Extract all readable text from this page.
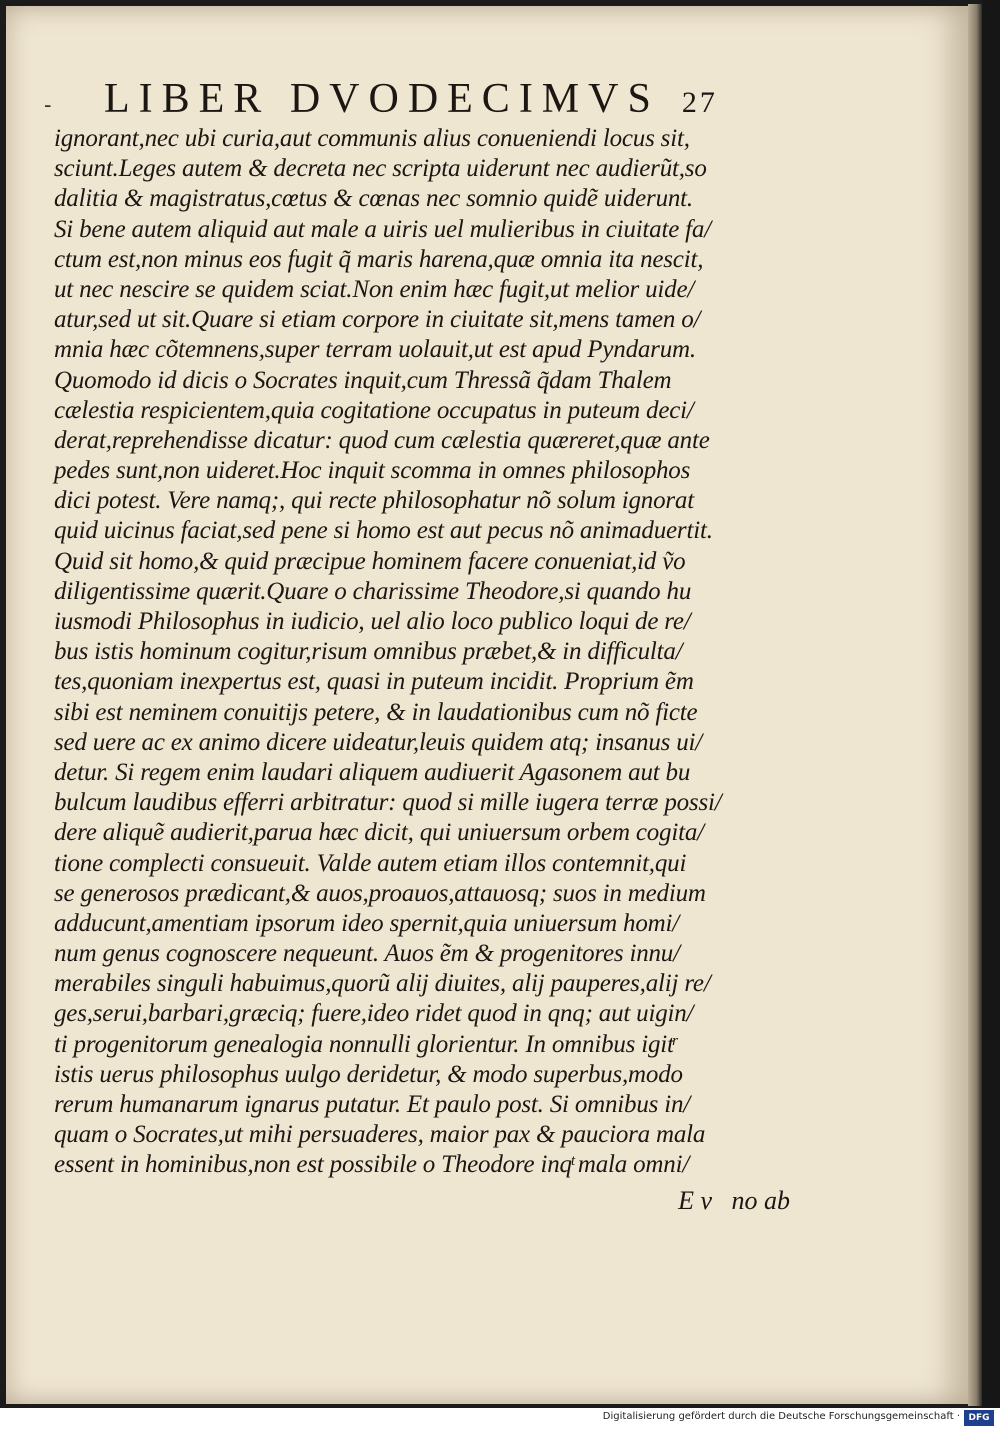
-	LIBER DVODECIMVS 27
ignorant,nec ubi curia,aut communis alius conueniendi locus sit,
sciunt.Leges autem & decreta nec scripta uiderunt nec audierũt,so
dalitia & magistratus,cœtus & cœnas nec somnio quidẽ uiderunt.
Si bene autem aliquid aut male a uiris uel mulieribus in ciuitate fa/
ctum est,non minus eos fugit q̃ maris harena,quæ omnia ita nescit,
ut nec nescire se quidem sciat.Non enim hæc fugit,ut melior uide/
atur,sed ut sit.Quare si etiam corpore in ciuitate sit,mens tamen o/
mnia hæc cõtemnens,super terram uolauit,ut est apud Pyndarum.
Quomodo id dicis o Socrates inquit,cum Thressã q̃dam Thalem
cælestia respicientem,quia cogitatione occupatus in puteum deci/
derat,reprehendisse dicatur: quod cum cælestia quæreret,quæ ante
pedes sunt,non uideret.Hoc inquit scomma in omnes philosophos
dici potest. Vere namq;, qui recte philosophatur nõ solum ignorat
quid uicinus faciat,sed pene si homo est aut pecus nõ animaduertit.
Quid sit homo,& quid præcipue hominem facere conueniat,id ṽo
diligentissime quærit.Quare o charissime Theodore,si quando hu
iusmodi Philosophus in iudicio, uel alio loco publico loqui de re/
bus istis hominum cogitur,risum omnibus præbet,& in difficulta/
tes,quoniam inexpertus est, quasi in puteum incidit. Proprium ẽm
sibi est neminem conuitijs petere, & in laudationibus cum nõ ficte
sed uere ac ex animo dicere uideatur,leuis quidem atq; insanus ui/
detur. Si regem enim laudari aliquem audiuerit Agasonem aut bu
bulcum laudibus efferri arbitratur: quod si mille iugera terræ possi/
dere aliquẽ audierit,parua hæc dicit, qui uniuersum orbem cogita/
tione complecti consueuit. Valde autem etiam illos contemnit,qui
se generosos prædicant,& auos,proauos,attauosq; suos in medium
adducunt,amentiam ipsorum ideo spernit,quia uniuersum homi/
num genus cognoscere nequeunt. Auos ẽm & progenitores innu/
merabiles singuli habuimus,quorũ alij diuites, alij pauperes,alij re/
ges,serui,barbari,græciq; fuere,ideo ridet quod in qnq; aut uigin/
ti progenitorum genealogia nonnulli glorientur. In omnibus igitͬ
istis uerus philosophus uulgo deridetur, & modo superbus,modo
rerum humanarum ignarus putatur. Et paulo post. Si omnibus in/
quam o Socrates,ut mihi persuaderes, maior pax & pauciora mala
essent in hominibus,non est possibile o Theodore inqͭ mala omni/
E v   no ab
Digitalisierung gefördert durch die Deutsche Forschungsgemeinschaft · DFG
